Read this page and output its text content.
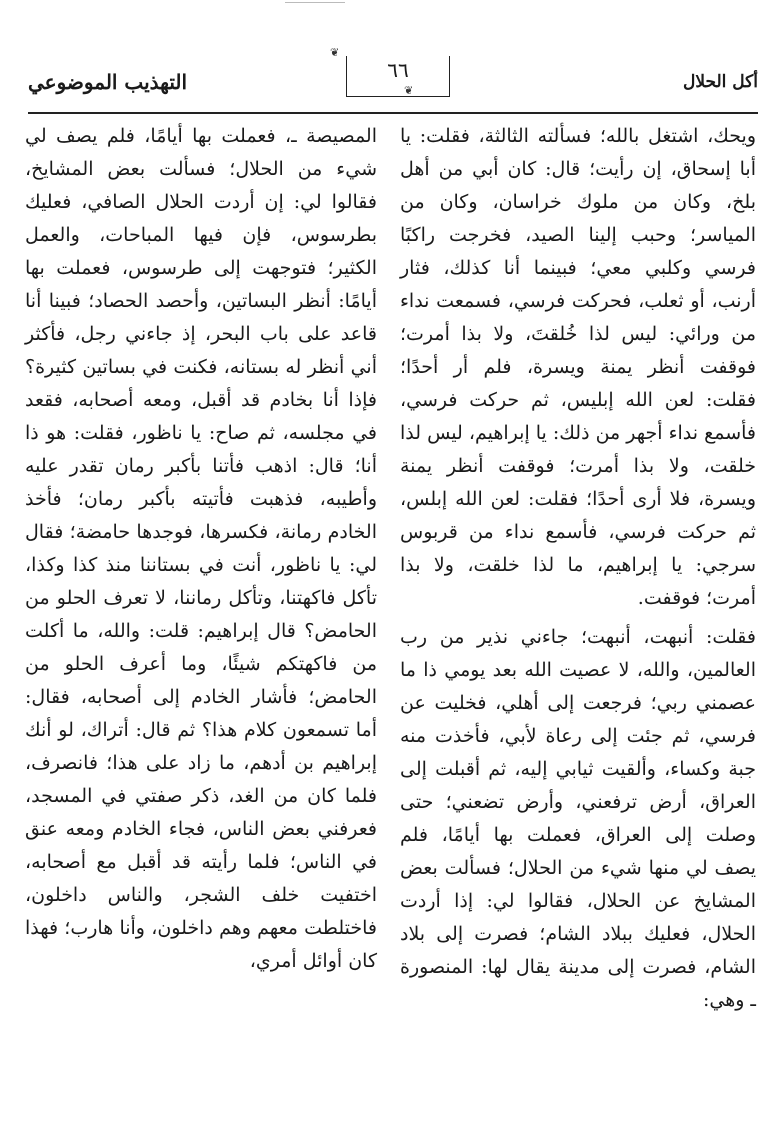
أكل الحلال
٦٦
❦
❦
التهذيب الموضوعي

ويحك، اشتغل بالله؛ فسألته الثالثة، فقلت: يا أبا إسحاق، إن رأيت؛ قال: كان أبي من أهل بلخ، وكان من ملوك خراسان، وكان من المياسر؛ وحبب إلينا الصيد، فخرجت راكبًا فرسي وكلبي معي؛ فبينما أنا كذلك، فثار أرنب، أو ثعلب، فحركت فرسي، فسمعت نداء من ورائي: ليس لذا خُلقتَ، ولا بذا أمرت؛ فوقفت أنظر يمنة ويسرة، فلم أر أحدًا؛ فقلت: لعن الله إبليس، ثم حركت فرسي، فأسمع نداء أجهر من ذلك: يا إبراهيم، ليس لذا خلقت، ولا بذا أمرت؛ فوقفت أنظر يمنة ويسرة، فلا أرى أحدًا؛ فقلت: لعن الله إبلس، ثم حركت فرسي، فأسمع نداء من قربوس سرجي: يا إبراهيم، ما لذا خلقت، ولا بذا أمرت؛ فوقفت.

فقلت: أنبهت، أنبهت؛ جاءني نذير من رب العالمين، والله، لا عصيت الله بعد يومي ذا ما عصمني ربي؛ فرجعت إلى أهلي، فخليت عن فرسي، ثم جئت إلى رعاة لأبي، فأخذت منه جبة وكساء، وألقيت ثيابي إليه، ثم أقبلت إلى العراق، أرض ترفعني، وأرض تضعني؛ حتى وصلت إلى العراق، فعملت بها أيامًا، فلم يصف لي منها شيء من الحلال؛ فسألت بعض المشايخ عن الحلال، فقالوا لي: إذا أردت الحلال، فعليك ببلاد الشام؛ فصرت إلى بلاد الشام، فصرت إلى مدينة يقال لها: المنصورة ـ وهي:

المصيصة ـ، فعملت بها أيامًا، فلم يصف لي شيء من الحلال؛ فسألت بعض المشايخ، فقالوا لي: إن أردت الحلال الصافي، فعليك بطرسوس، فإن فيها المباحات، والعمل الكثير؛ فتوجهت إلى طرسوس، فعملت بها أيامًا: أنظر البساتين، وأحصد الحصاد؛ فبينا أنا قاعد على باب البحر، إذ جاءني رجل، فأكثر أني أنظر له بستانه، فكنت في بساتين كثيرة؟ فإذا أنا بخادم قد أقبل، ومعه أصحابه، فقعد في مجلسه، ثم صاح: يا ناظور، فقلت: هو ذا أنا؛ قال: اذهب فأتنا بأكبر رمان تقدر عليه وأطيبه، فذهبت فأتيته بأكبر رمان؛ فأخذ الخادم رمانة، فكسرها، فوجدها حامضة؛ فقال لي: يا ناظور، أنت في بستاننا منذ كذا وكذا، تأكل فاكهتنا، وتأكل رماننا، لا تعرف الحلو من الحامض؟ قال إبراهيم: قلت: والله، ما أكلت من فاكهتكم شيئًا، وما أعرف الحلو من الحامض؛ فأشار الخادم إلى أصحابه، فقال: أما تسمعون كلام هذا؟ ثم قال: أتراك، لو أنك إبراهيم بن أدهم، ما زاد على هذا؛ فانصرف، فلما كان من الغد، ذكر صفتي في المسجد، فعرفني بعض الناس، فجاء الخادم ومعه عنق في الناس؛ فلما رأيته قد أقبل مع أصحابه، اختفيت خلف الشجر، والناس داخلون، فاختلطت معهم وهم داخلون، وأنا هارب؛ فهذا كان أوائل أمري،
